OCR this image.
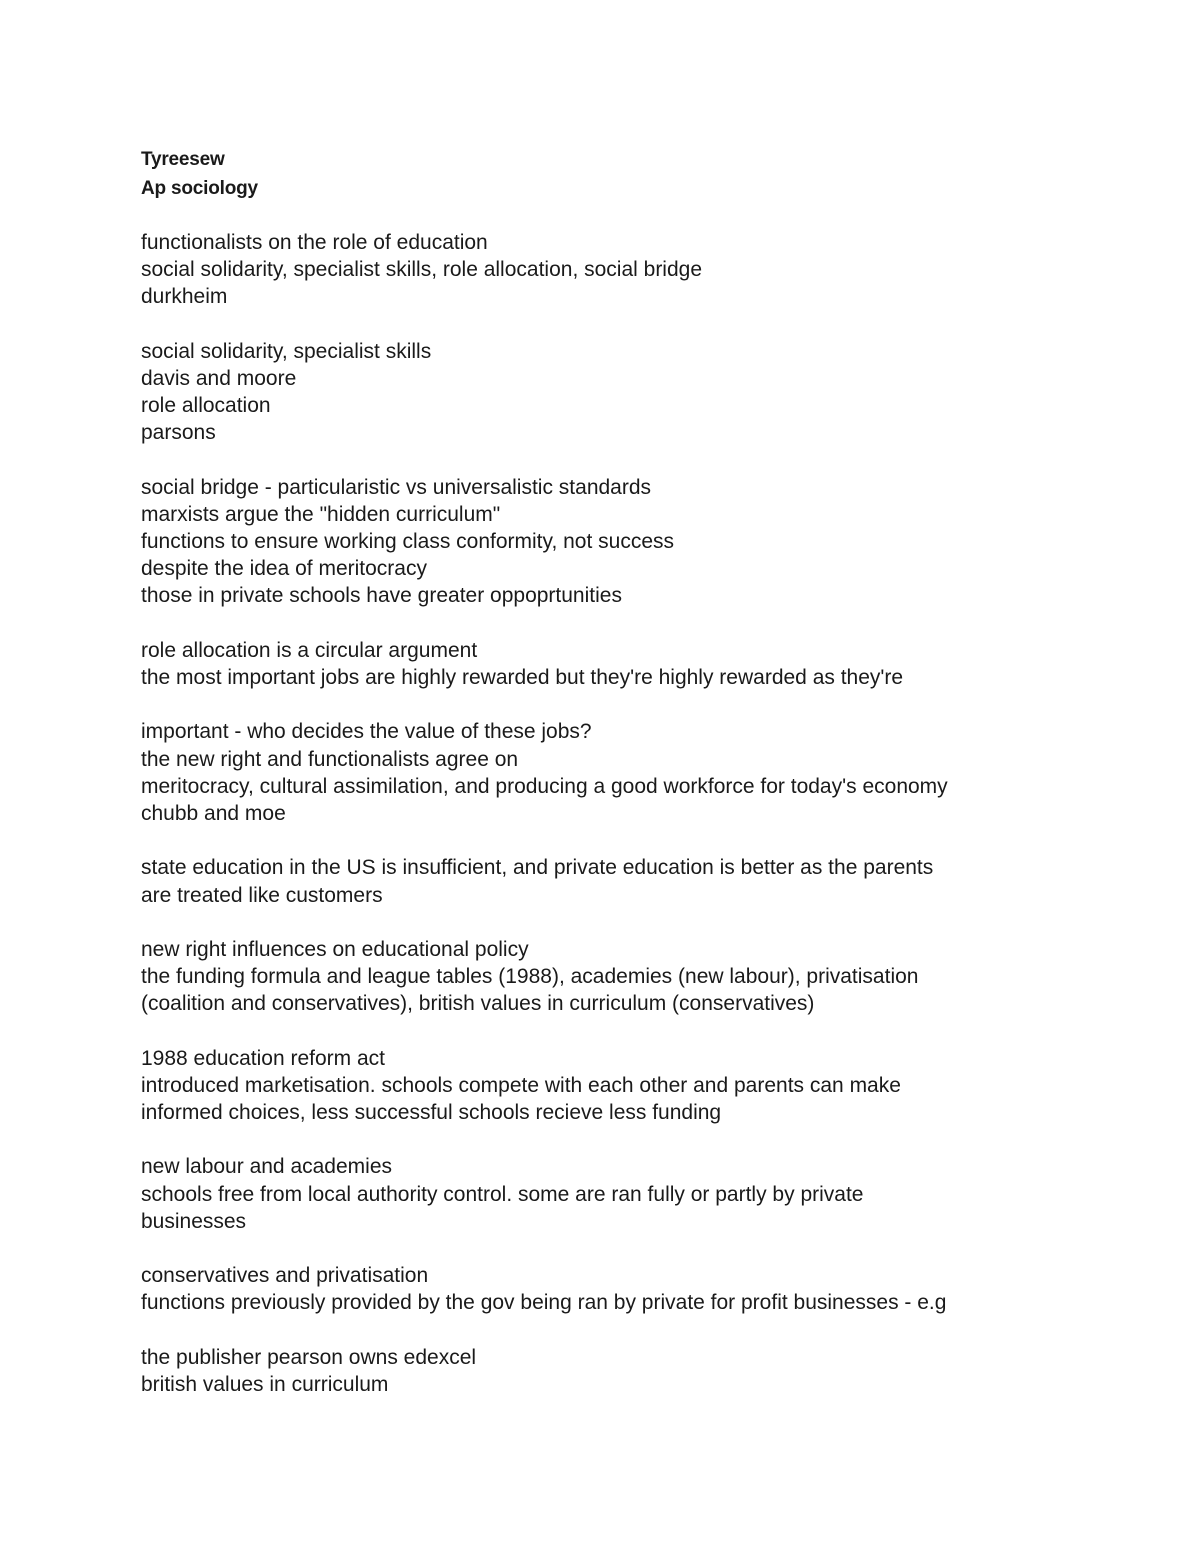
Tyreesew
Ap sociology
functionalists on the role of education
social solidarity, specialist skills, role allocation, social bridge
durkheim
social solidarity, specialist skills
davis and moore
role allocation
parsons
social bridge - particularistic vs universalistic standards
marxists argue the "hidden curriculum"
functions to ensure working class conformity, not success
despite the idea of meritocracy
those in private schools have greater oppoprtunities
role allocation is a circular argument
the most important jobs are highly rewarded but they're highly rewarded as they're
important - who decides the value of these jobs?
the new right and functionalists agree on
meritocracy, cultural assimilation, and producing a good workforce for today's economy
chubb and moe
state education in the US is insufficient, and private education is better as the parents
are treated like customers
new right influences on educational policy
the funding formula and league tables (1988), academies (new labour), privatisation
(coalition and conservatives), british values in curriculum (conservatives)
1988 education reform act
introduced marketisation. schools compete with each other and parents can make
informed choices, less successful schools recieve less funding
new labour and academies
schools free from local authority control. some are ran fully or partly by private
businesses
conservatives and privatisation
functions previously provided by the gov being ran by private for profit businesses - e.g
the publisher pearson owns edexcel
british values in curriculum
